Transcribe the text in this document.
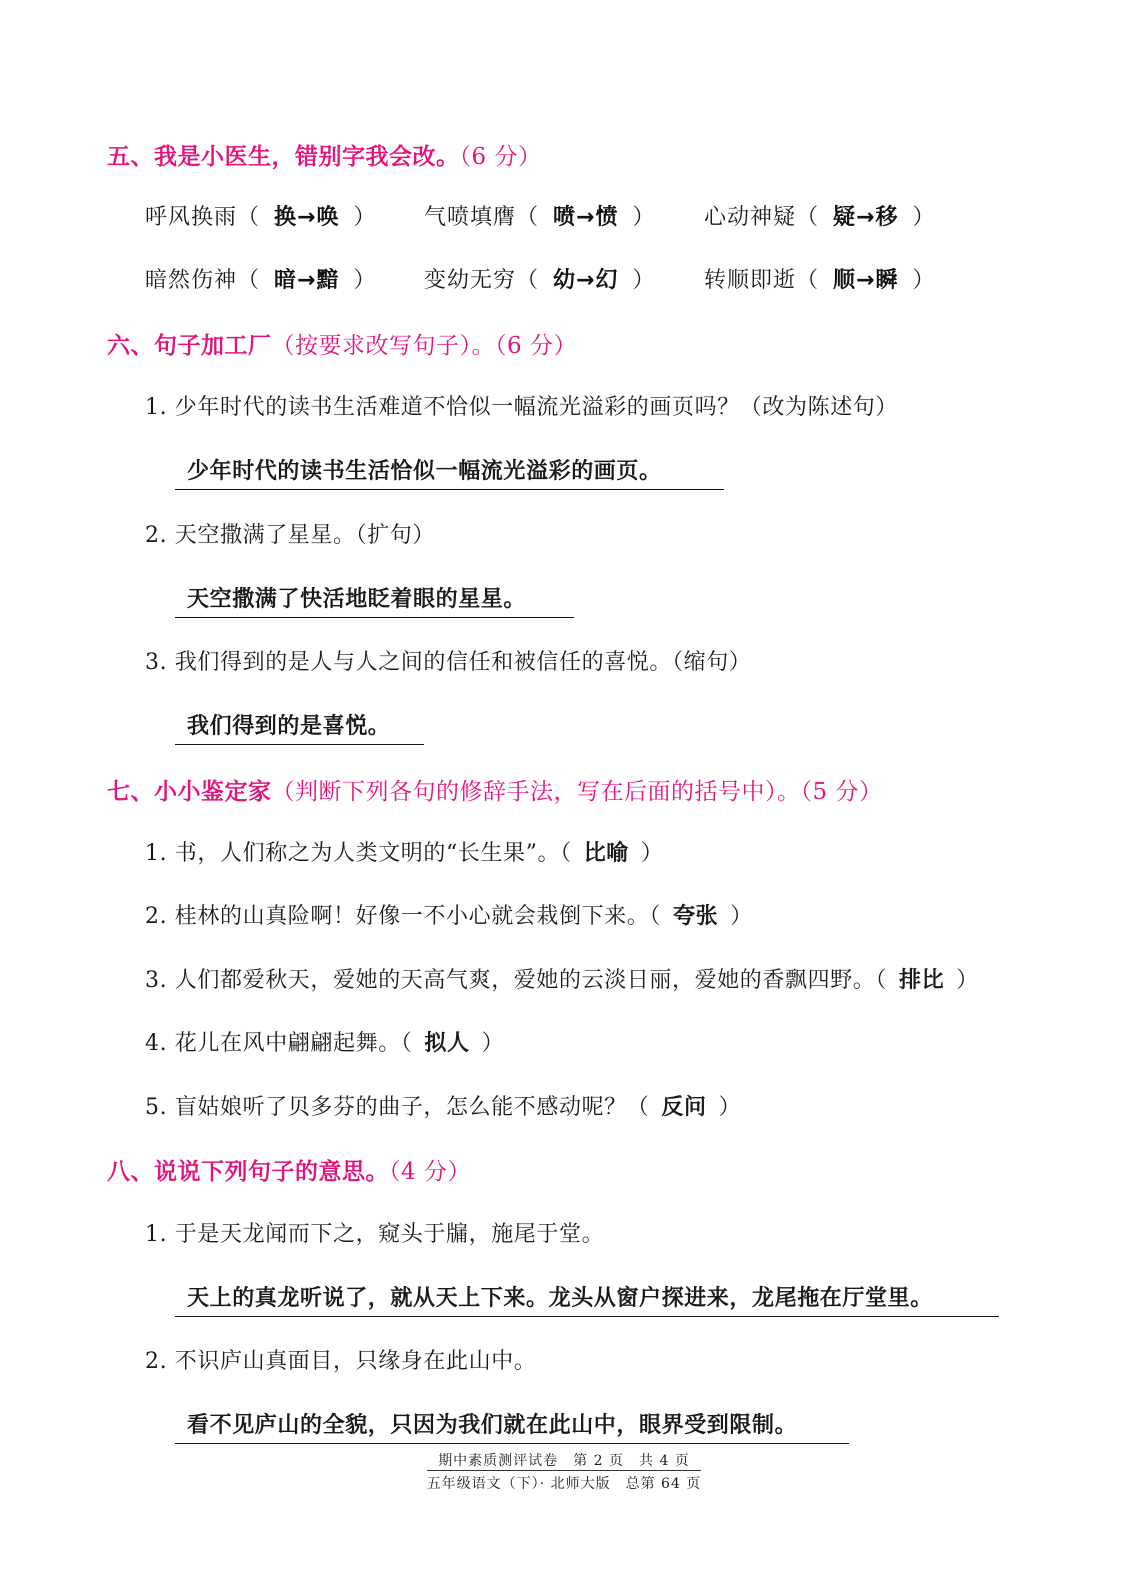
五、我是小医生，错别字我会改。（6 分）
呼风换雨（ 换→唤 ） 气喷填膺（ 喷→愤 ） 心动神疑（ 疑→移 ）
暗然伤神（ 暗→黯 ） 变幼无穷（ 幼→幻 ） 转顺即逝（ 顺→瞬 ）
六、句子加工厂（按要求改写句子）。（6 分）
1. 少年时代的读书生活难道不恰似一幅流光溢彩的画页吗？（改为陈述句）
少年时代的读书生活恰似一幅流光溢彩的画页。
2. 天空撒满了星星。（扩句）
天空撒满了快活地眨着眼的星星。
3. 我们得到的是人与人之间的信任和被信任的喜悦。（缩句）
我们得到的是喜悦。
七、小小鉴定家（判断下列各句的修辞手法，写在后面的括号中）。（5 分）
1. 书，人们称之为人类文明的“长生果”。（ 比喻 ）
2. 桂林的山真险啊！好像一不小心就会栽倒下来。（ 夸张 ）
3. 人们都爱秋天，爱她的天高气爽，爱她的云淡日丽，爱她的香飘四野。（ 排比 ）
4. 花儿在风中翩翩起舞。（ 拟人 ）
5. 盲姑娘听了贝多芬的曲子，怎么能不感动呢？（ 反问 ）
八、说说下列句子的意思。（4 分）
1. 于是天龙闻而下之，窥头于牖，施尾于堂。
天上的真龙听说了，就从天上下来。龙头从窗户探进来，龙尾拖在厅堂里。
2. 不识庐山真面目，只缘身在此山中。
看不见庐山的全貌，只因为我们就在此山中，眼界受到限制。
期中素质测评试卷　第 2 页　共 4 页
五年级语文（下）· 北师大版　总第 64 页
